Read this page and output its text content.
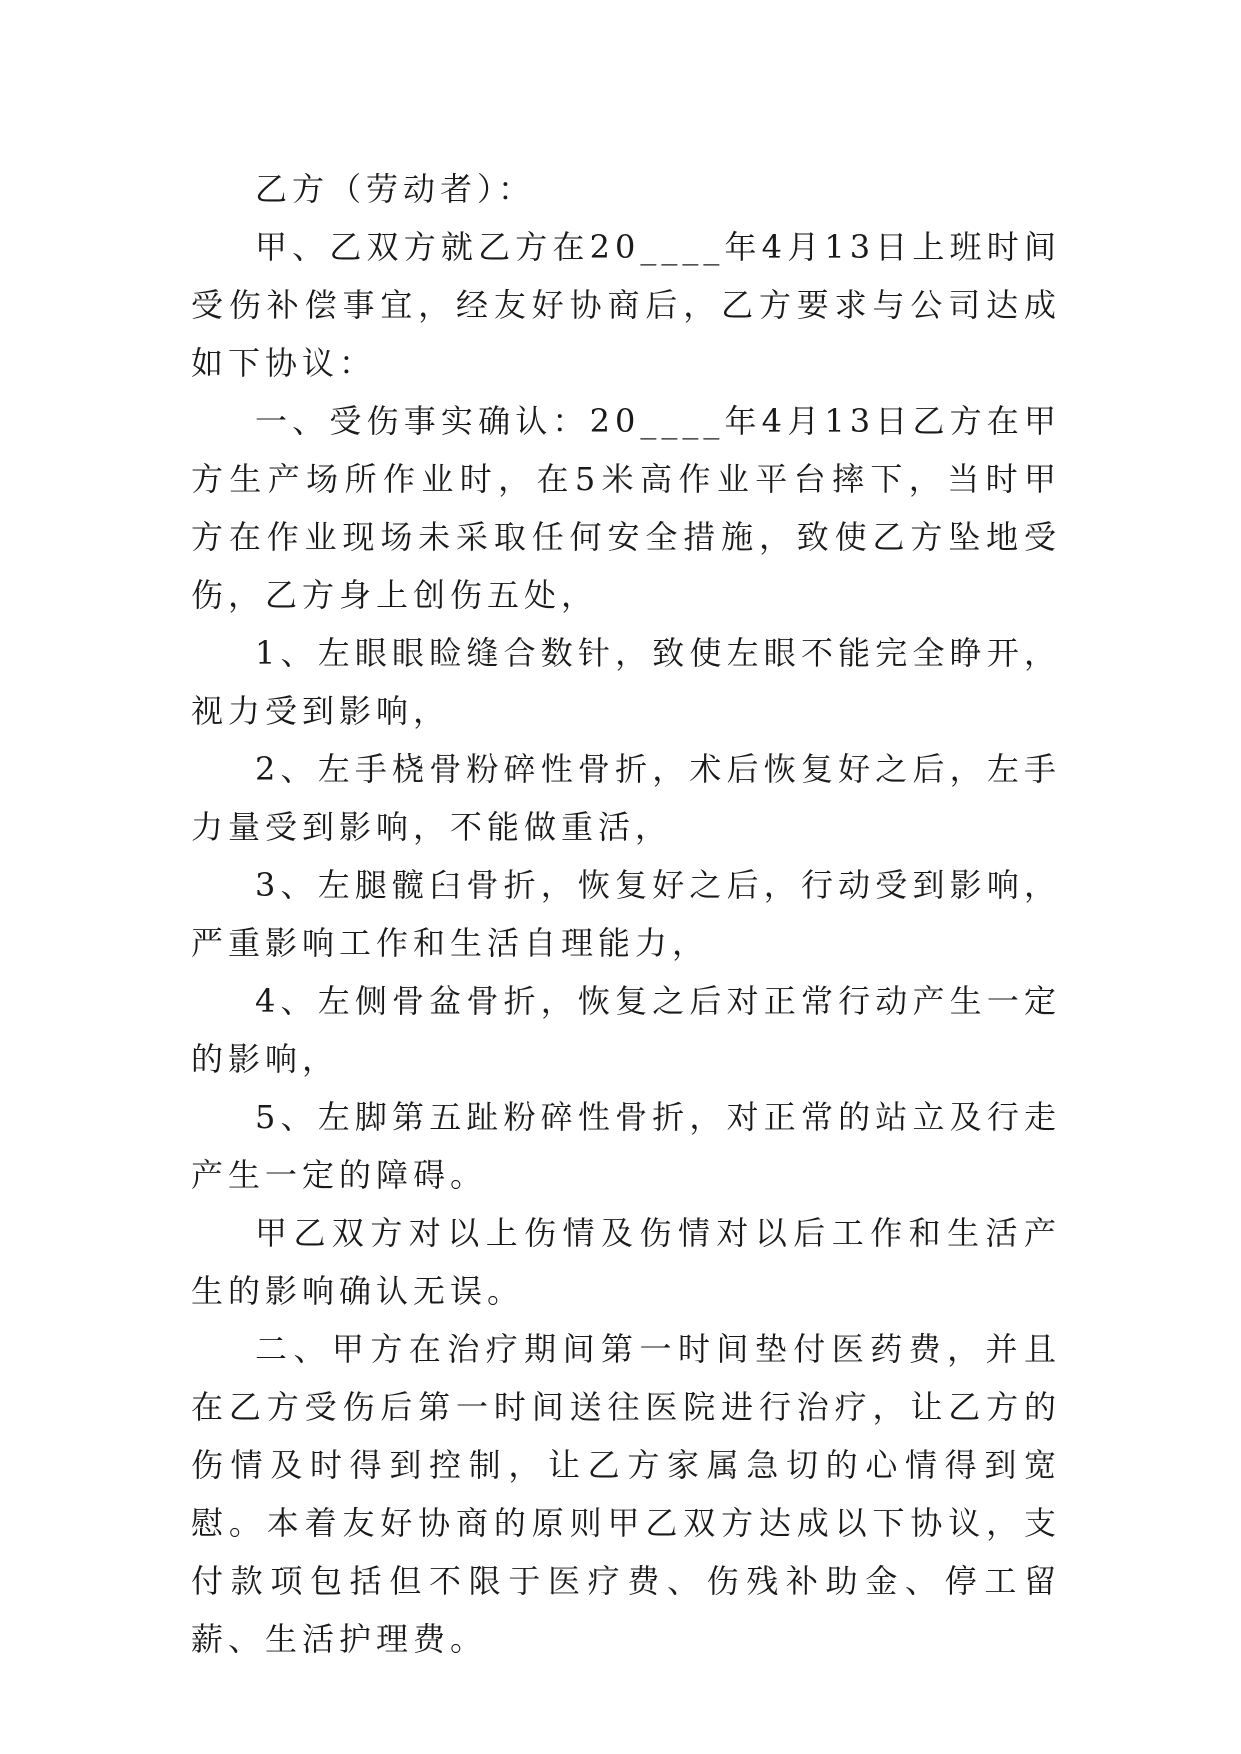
乙方（劳动者）：

甲、乙双方就乙方在20____年4月13日上班时间受伤补偿事宜，经友好协商后，乙方要求与公司达成如下协议：

一、受伤事实确认：20____年4月13日乙方在甲方生产场所作业时，在5米高作业平台摔下，当时甲方在作业现场未采取任何安全措施，致使乙方坠地受伤，乙方身上创伤五处，

1、左眼眼睑缝合数针，致使左眼不能完全睁开，视力受到影响，

2、左手桡骨粉碎性骨折，术后恢复好之后，左手力量受到影响，不能做重活，

3、左腿髋臼骨折，恢复好之后，行动受到影响，严重影响工作和生活自理能力，

4、左侧骨盆骨折，恢复之后对正常行动产生一定的影响，

5、左脚第五趾粉碎性骨折，对正常的站立及行走产生一定的障碍。

甲乙双方对以上伤情及伤情对以后工作和生活产生的影响确认无误。

二、甲方在治疗期间第一时间垫付医药费，并且在乙方受伤后第一时间送往医院进行治疗，让乙方的伤情及时得到控制，让乙方家属急切的心情得到宽慰。本着友好协商的原则甲乙双方达成以下协议，支付款项包括但不限于医疗费、伤残补助金、停工留薪、生活护理费。
